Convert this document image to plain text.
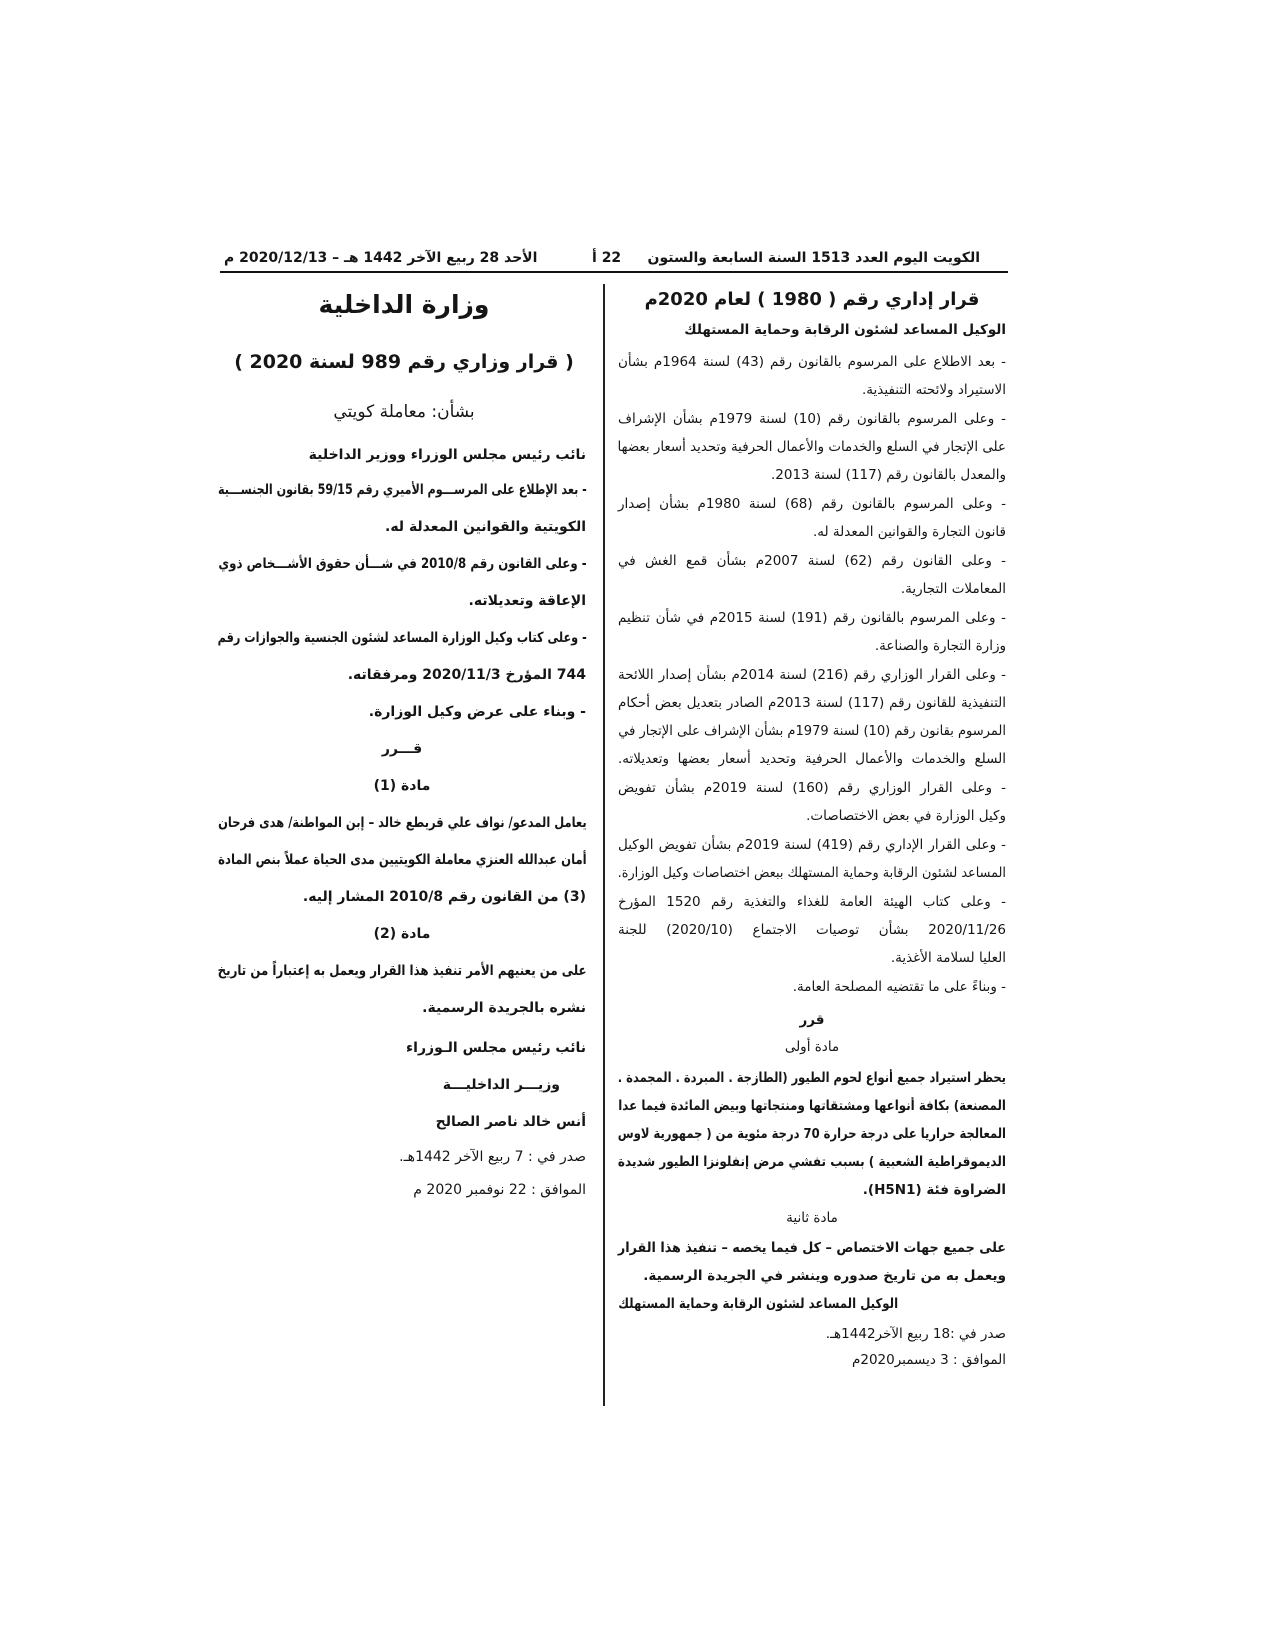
الكويت اليوم العدد 1513 السنة السابعة والستون
22 أ
الأحد 28 ربيع الآخر 1442 هـ – 2020/12/13 م
قرار إداري رقم ( 1980 ) لعام 2020م
الوكيل المساعد لشئون الرقابة وحماية المستهلك
- بعد الاطلاع على المرسوم بالقانون رقم (43) لسنة 1964م بشأن
الاستيراد ولائحته التنفيذية.
- وعلى المرسوم بالقانون رقم (10) لسنة 1979م بشأن الإشراف
على الإتجار في السلع والخدمات والأعمال الحرفية وتحديد أسعار بعضها
والمعدل بالقانون رقم (117) لسنة 2013.
- وعلى المرسوم بالقانون رقم (68) لسنة 1980م بشأن إصدار
قانون التجارة والقوانين المعدلة له.
- وعلى القانون رقم (62) لسنة 2007م بشأن قمع الغش في
المعاملات التجارية.
- وعلى المرسوم بالقانون رقم (191) لسنة 2015م في شأن تنظيم
وزارة التجارة والصناعة.
- وعلى القرار الوزاري رقم (216) لسنة 2014م بشأن إصدار اللائحة
التنفيذية للقانون رقم (117) لسنة 2013م الصادر بتعديل بعض أحكام
المرسوم بقانون رقم (10) لسنة 1979م بشأن الإشراف على الإتجار في
السلع والخدمات والأعمال الحرفية وتحديد أسعار بعضها وتعديلاته.
- وعلى القرار الوزاري رقم (160) لسنة 2019م بشأن تفويض
وكيل الوزارة في بعض الاختصاصات.
- وعلى القرار الإداري رقم (419) لسنة 2019م بشأن تفويض الوكيل
المساعد لشئون الرقابة وحماية المستهلك ببعض اختصاصات وكيل الوزارة.
- وعلى كتاب الهيئة العامة للغذاء والتغذية رقم 1520 المؤرخ
2020/11/26 بشأن توصيات الاجتماع (2020/10) للجنة
العليا لسلامة الأغذية.
- وبناءً على ما تقتضيه المصلحة العامة.
قرر
مادة أولى
يحظر استيراد جميع أنواع لحوم الطيور (الطازجة . المبردة . المجمدة .
المصنعة) بكافة أنواعها ومشتقاتها ومنتجاتها وبيض المائدة فيما عدا
المعالجة حراريا على درجة حرارة 70 درجة مئوية من ( جمهورية لاوس
الديموقراطية الشعبية ) بسبب تفشي مرض إنفلونزا الطيور شديدة
الضراوة فئة (H5N1).
مادة ثانية
على جميع جهات الاختصاص – كل فيما يخصه – تنفيذ هذا القرار
ويعمل به من تاريخ صدوره وينشر في الجريدة الرسمية.
الوكيل المساعد لشئون الرقابة وحماية المستهلك
صدر في :18 ربيع الآخر1442هـ.
الموافق : 3 ديسمبر2020م
وزارة الداخلية
( قرار وزاري رقم 989 لسنة 2020 )
بشأن: معاملة كويتي
نائب رئيس مجلس الوزراء ووزير الداخلية
- بعد الإطلاع على المرســـوم الأميري رقم 59/15 بقانون الجنســـية
الكويتية والقوانين المعدلة له.
- وعلى القانون رقم 2010/8 في شـــأن حقوق الأشـــخاص ذوي
الإعاقة وتعديلاته.
- وعلى كتاب وكيل الوزارة المساعد لشئون الجنسية والجوازات رقم
744 المؤرخ 2020/11/3 ومرفقاته.
- وبناء على عرض وكيل الوزارة.
قـــرر
مادة (1)
يعامل المدعو/ نواف علي قريطع خالد – إبن المواطنة/ هدى فرحان
أمان عبدالله العنزي معاملة الكويتيين مدى الحياة عملاً بنص المادة
(3) من القانون رقم 2010/8 المشار إليه.
مادة (2)
على من يعنيهم الأمر تنفيذ هذا القرار ويعمل به إعتباراً من تاريخ
نشره بالجريدة الرسمية.
نائب رئيس مجلس الـوزراء
وزيـــر الداخليـــة
أنس خالد ناصر الصالح
صدر في : 7 ربيع الآخر 1442هـ.
الموافق : 22 نوفمبر 2020 م
